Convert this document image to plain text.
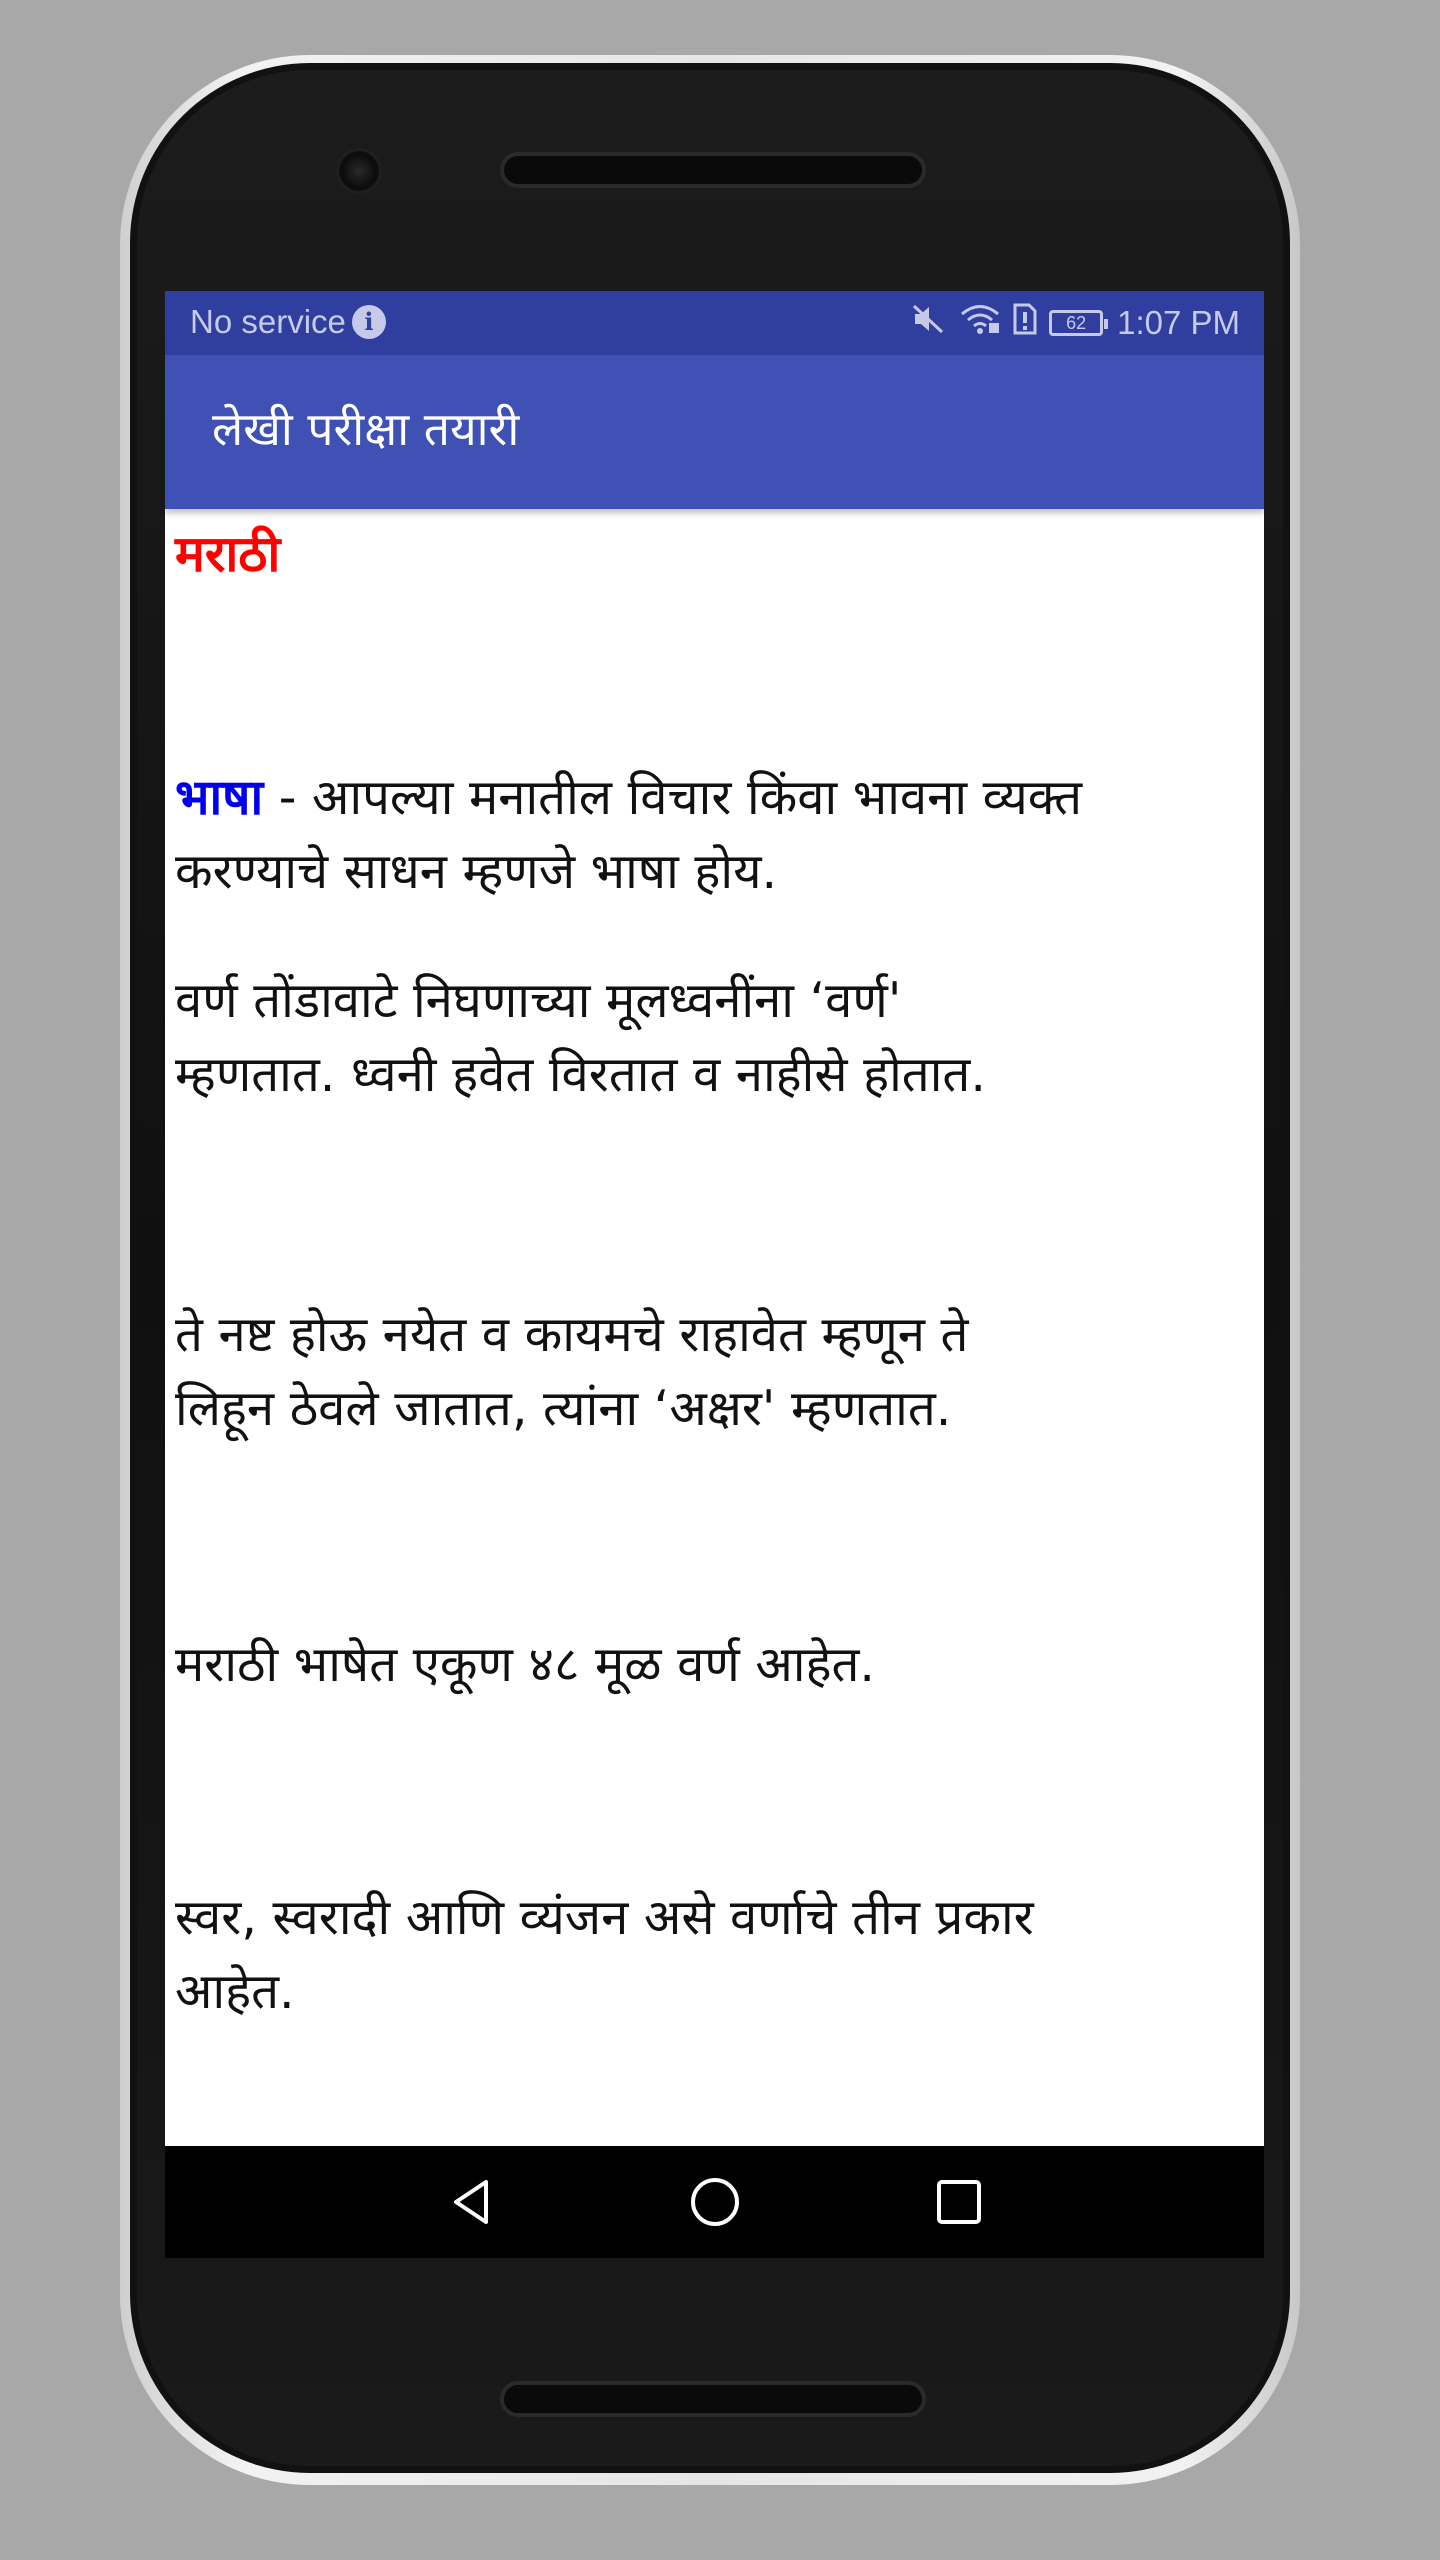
No service i	62 1:07 PM
लेखी परीक्षा तयारी
मराठी
भाषा - आपल्या मनातील विचार किंवा भावना व्यक्त करण्याचे साधन म्हणजे भाषा होय.
वर्ण तोंडावाटे निघणाच्या मूलध्वनींना ‘वर्ण'
म्हणतात. ध्वनी हवेत विरतात व नाहीसे होतात.
ते नष्ट होऊ नयेत व कायमचे राहावेत म्हणून ते
लिहून ठेवले जातात, त्यांना ‘अक्षर' म्हणतात.
मराठी भाषेत एकूण ४८ मूळ वर्ण आहेत.
स्वर, स्वरादी आणि व्यंजन असे वर्णाचे तीन प्रकार
आहेत.
